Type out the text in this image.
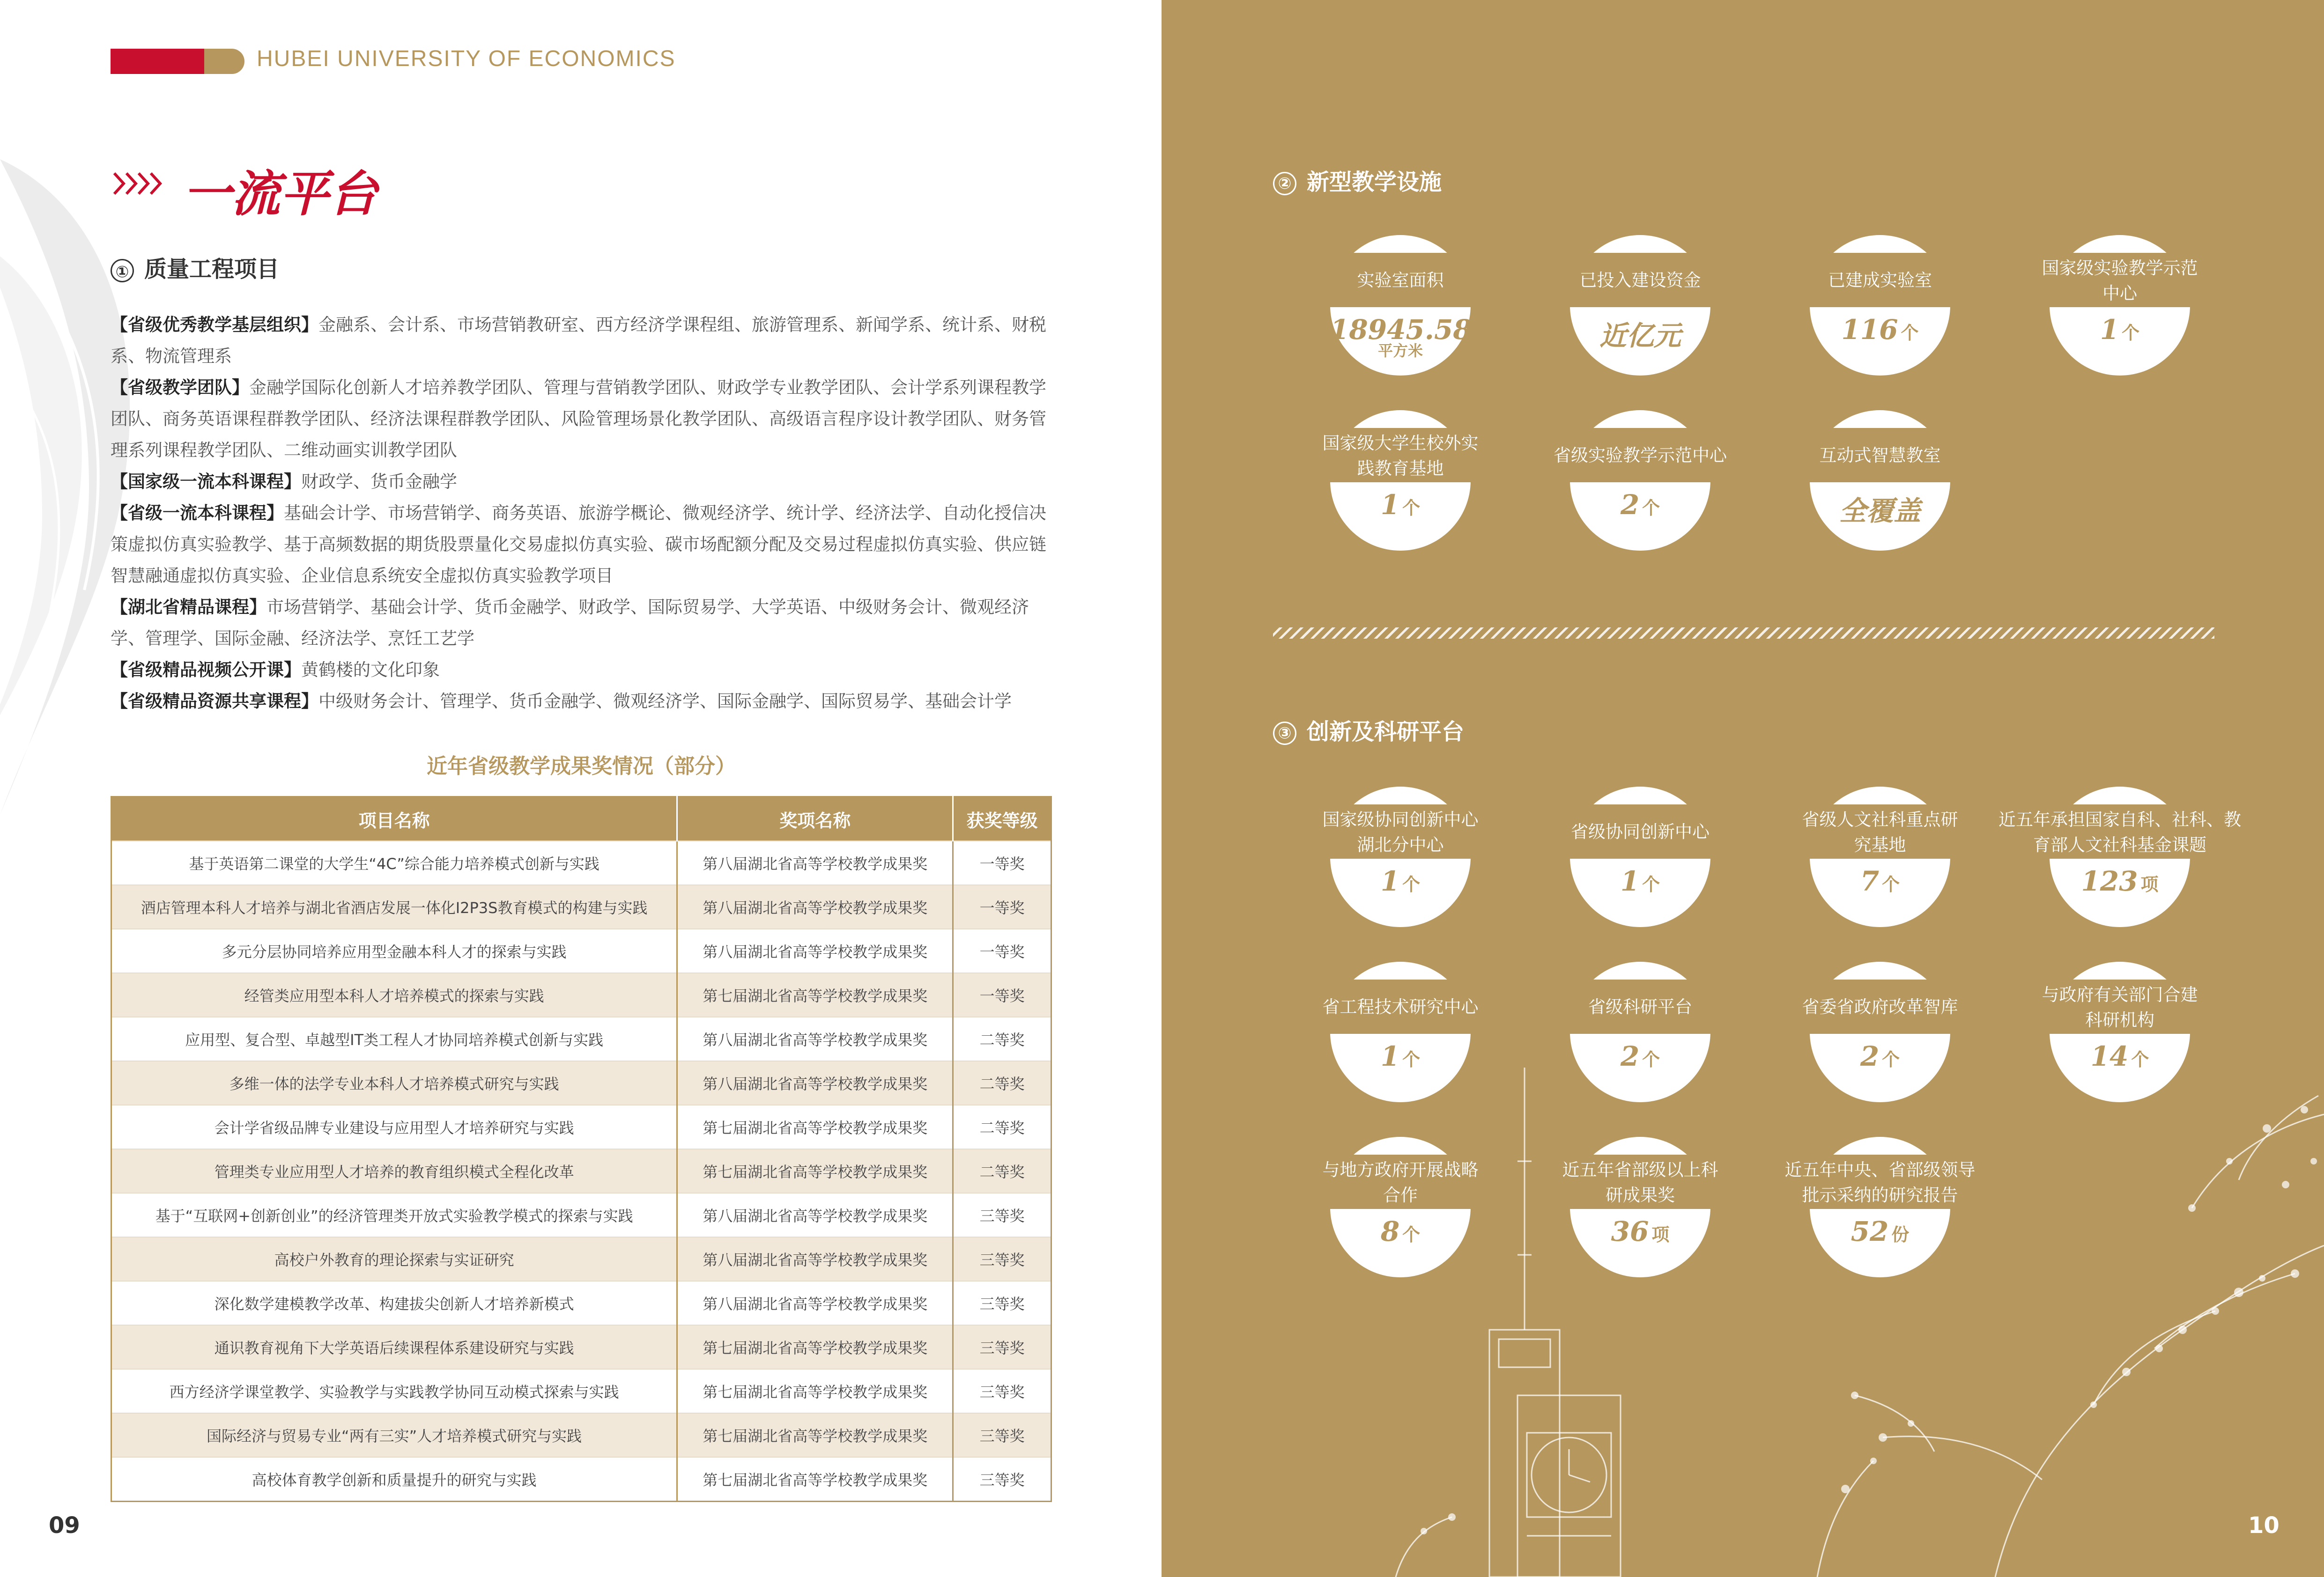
HUBEI UNIVERSITY OF ECONOMICS
一流平台
① 质量工程项目
【省级优秀教学基层组织】金融系、会计系、市场营销教研室、西方经济学课程组、旅游管理系、新闻学系、统计系、财税系、物流管理系
【省级教学团队】金融学国际化创新人才培养教学团队、管理与营销教学团队、财政学专业教学团队、会计学系列课程教学团队、商务英语课程群教学团队、经济法课程群教学团队、风险管理场景化教学团队、高级语言程序设计教学团队、财务管理系列课程教学团队、二维动画实训教学团队
【国家级一流本科课程】财政学、货币金融学
【省级一流本科课程】基础会计学、市场营销学、商务英语、旅游学概论、微观经济学、统计学、经济法学、自动化授信决策虚拟仿真实验教学、基于高频数据的期货股票量化交易虚拟仿真实验、碳市场配额分配及交易过程虚拟仿真实验、供应链智慧融通虚拟仿真实验、企业信息系统安全虚拟仿真实验教学项目
【湖北省精品课程】市场营销学、基础会计学、货币金融学、财政学、国际贸易学、大学英语、中级财务会计、微观经济学、管理学、国际金融、经济法学、烹饪工艺学
【省级精品视频公开课】黄鹤楼的文化印象
【省级精品资源共享课程】中级财务会计、管理学、货币金融学、微观经济学、国际金融学、国际贸易学、基础会计学
近年省级教学成果奖情况（部分）
项目名称	奖项名称	获奖等级
基于英语第二课堂的大学生“4C”综合能力培养模式创新与实践	第八届湖北省高等学校教学成果奖	一等奖
酒店管理本科人才培养与湖北省酒店发展一体化I2P3S教育模式的构建与实践	第八届湖北省高等学校教学成果奖	一等奖
多元分层协同培养应用型金融本科人才的探索与实践	第八届湖北省高等学校教学成果奖	一等奖
经管类应用型本科人才培养模式的探索与实践	第七届湖北省高等学校教学成果奖	一等奖
应用型、复合型、卓越型IT类工程人才协同培养模式创新与实践	第八届湖北省高等学校教学成果奖	二等奖
多维一体的法学专业本科人才培养模式研究与实践	第八届湖北省高等学校教学成果奖	二等奖
会计学省级品牌专业建设与应用型人才培养研究与实践	第七届湖北省高等学校教学成果奖	二等奖
管理类专业应用型人才培养的教育组织模式全程化改革	第七届湖北省高等学校教学成果奖	二等奖
基于“互联网+创新创业”的经济管理类开放式实验教学模式的探索与实践	第八届湖北省高等学校教学成果奖	三等奖
高校户外教育的理论探索与实证研究	第八届湖北省高等学校教学成果奖	三等奖
深化数学建模教学改革、构建拔尖创新人才培养新模式	第八届湖北省高等学校教学成果奖	三等奖
通识教育视角下大学英语后续课程体系建设研究与实践	第七届湖北省高等学校教学成果奖	三等奖
西方经济学课堂教学、实验教学与实践教学协同互动模式探索与实践	第七届湖北省高等学校教学成果奖	三等奖
国际经济与贸易专业“两有三实”人才培养模式研究与实践	第七届湖北省高等学校教学成果奖	三等奖
高校体育教学创新和质量提升的研究与实践	第七届湖北省高等学校教学成果奖	三等奖
09
② 新型教学设施
实验室面积
18945.58
平方米
已投入建设资金
近亿元
已建成实验室
116 个
国家级实验教学示范中心
1 个
国家级大学生校外实践教育基地
1 个
省级实验教学示范中心
2 个
互动式智慧教室
全覆盖
③ 创新及科研平台
国家级协同创新中心湖北分中心
1 个
省级协同创新中心
1 个
省级人文社科重点研究基地
7 个
近五年承担国家自科、社科、教育部人文社科基金课题
123 项
省工程技术研究中心
1 个
省级科研平台
2 个
省委省政府改革智库
2 个
与政府有关部门合建科研机构
14 个
与地方政府开展战略合作
8 个
近五年省部级以上科研成果奖
36 项
近五年中央、省部级领导批示采纳的研究报告
52 份
10
